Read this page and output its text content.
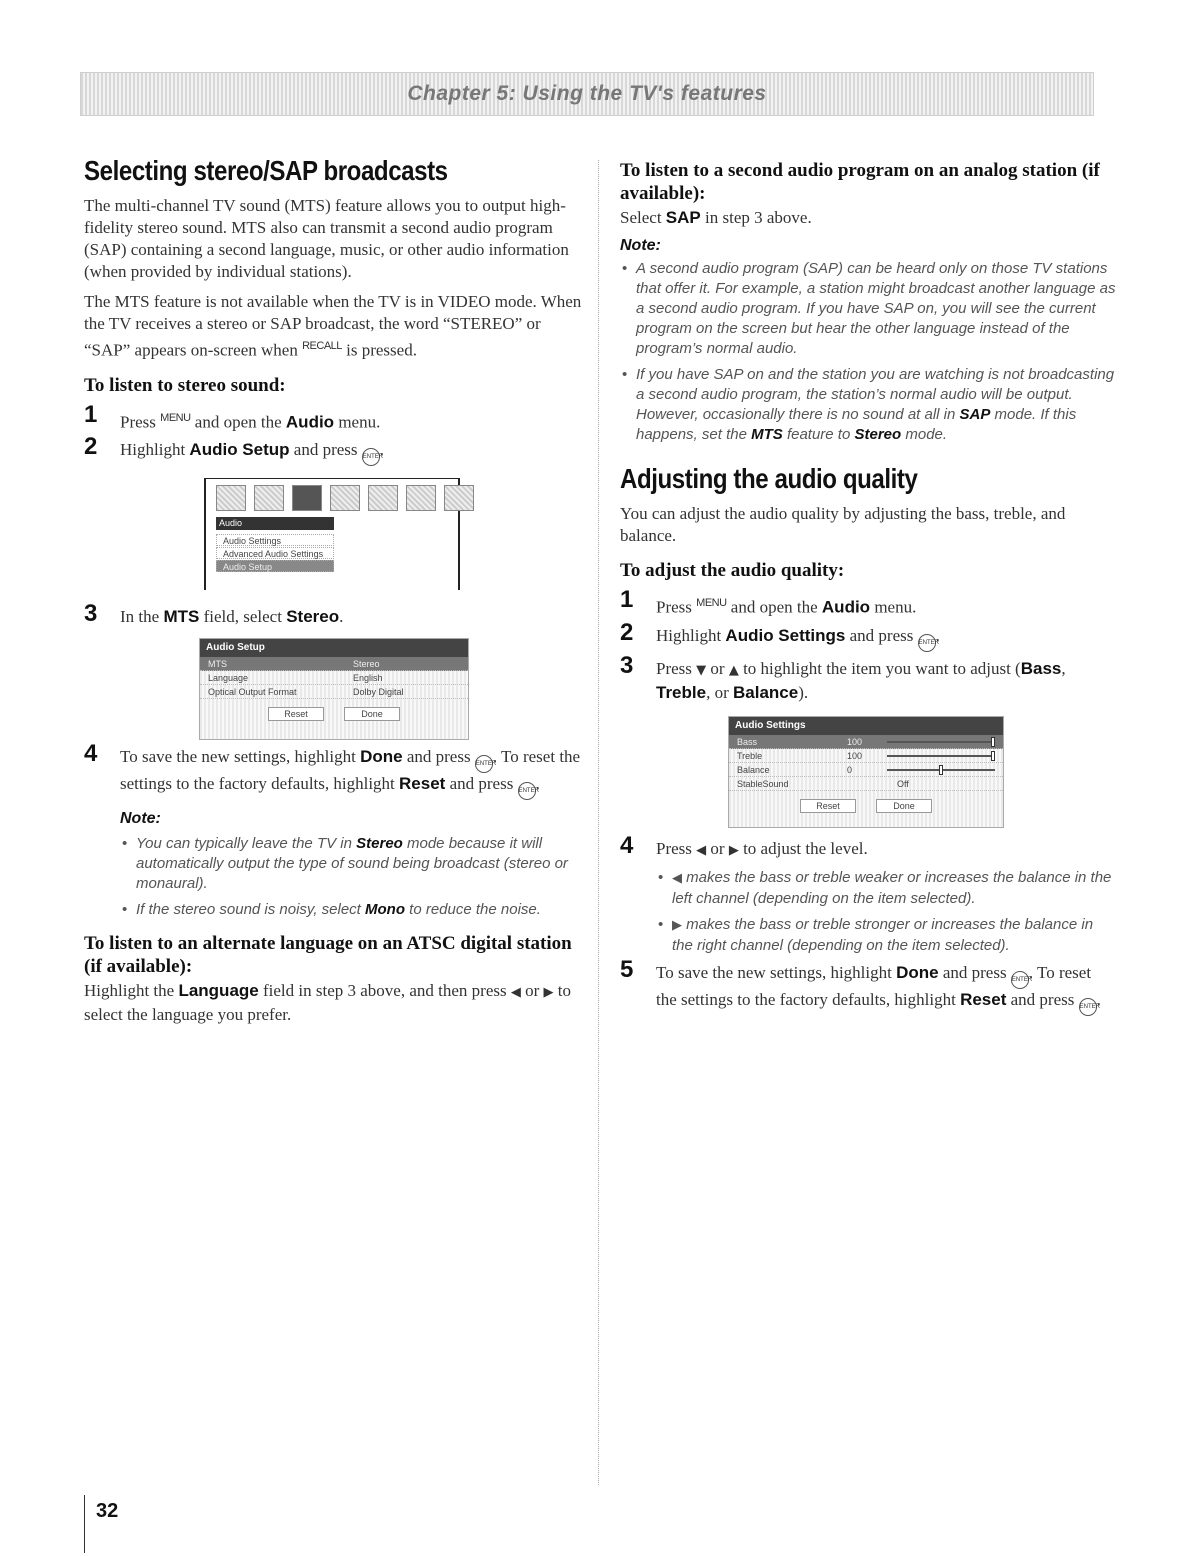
Chapter 5: Using the TV's features
Selecting stereo/SAP broadcasts

The multi-channel TV sound (MTS) feature allows you to output high-fidelity stereo sound. MTS also can transmit a second audio program (SAP) containing a second language, music, or other audio information (when provided by individual stations).

The MTS feature is not available when the TV is in VIDEO mode. When the TV receives a stereo or SAP broadcast, the word “STEREO” or “SAP” appears on-screen when $^{RECALL}$ is pressed.

To listen to stereo sound:
1 Press $^{MENU}$ and open the Audio menu.
2 Highlight Audio Setup and press ENTER.
Audio
Audio Settings
Advanced Audio Settings
Audio Setup
3 In the MTS field, select Stereo.
Audio Setup
MTS	Stereo
Language	English
Optical Output Format	Dolby Digital
Reset	Done
4 To save the new settings, highlight Done and press ENTER. To reset the settings to the factory defaults, highlight Reset and press ENTER.
Note:
• You can typically leave the TV in Stereo mode because it will automatically output the type of sound being broadcast (stereo or monaural).
• If the stereo sound is noisy, select Mono to reduce the noise.
To listen to an alternate language on an ATSC digital station (if available):

Highlight the Language field in step 3 above, and then press ◀ or ▶ to select the language you prefer.

To listen to a second audio program on an analog station (if available):

Select SAP in step 3 above.

Note:
• A second audio program (SAP) can be heard only on those TV stations that offer it. For example, a station might broadcast another language as a second audio program. If you have SAP on, you will see the current program on the screen but hear the other language instead of the program’s normal audio.
• If you have SAP on and the station you are watching is not broadcasting a second audio program, the station’s normal audio will be output. However, occasionally there is no sound at all in SAP mode. If this happens, set the MTS feature to Stereo mode.
Adjusting the audio quality

You can adjust the audio quality by adjusting the bass, treble, and balance.

To adjust the audio quality:
1 Press $^{MENU}$ and open the Audio menu.
2 Highlight Audio Settings and press ENTER.
3 Press ▼ or ▲ to highlight the item you want to adjust (Bass, Treble, or Balance).
Audio Settings
Bass	100
Treble	100
Balance	0
StableSound	Off
Reset	Done
4 Press ◀ or ▶ to adjust the level.
• ◀ makes the bass or treble weaker or increases the balance in the left channel (depending on the item selected).
• ▶ makes the bass or treble stronger or increases the balance in the right channel (depending on the item selected).
5 To save the new settings, highlight Done and press ENTER. To reset the settings to the factory defaults, highlight Reset and press ENTER.
32
